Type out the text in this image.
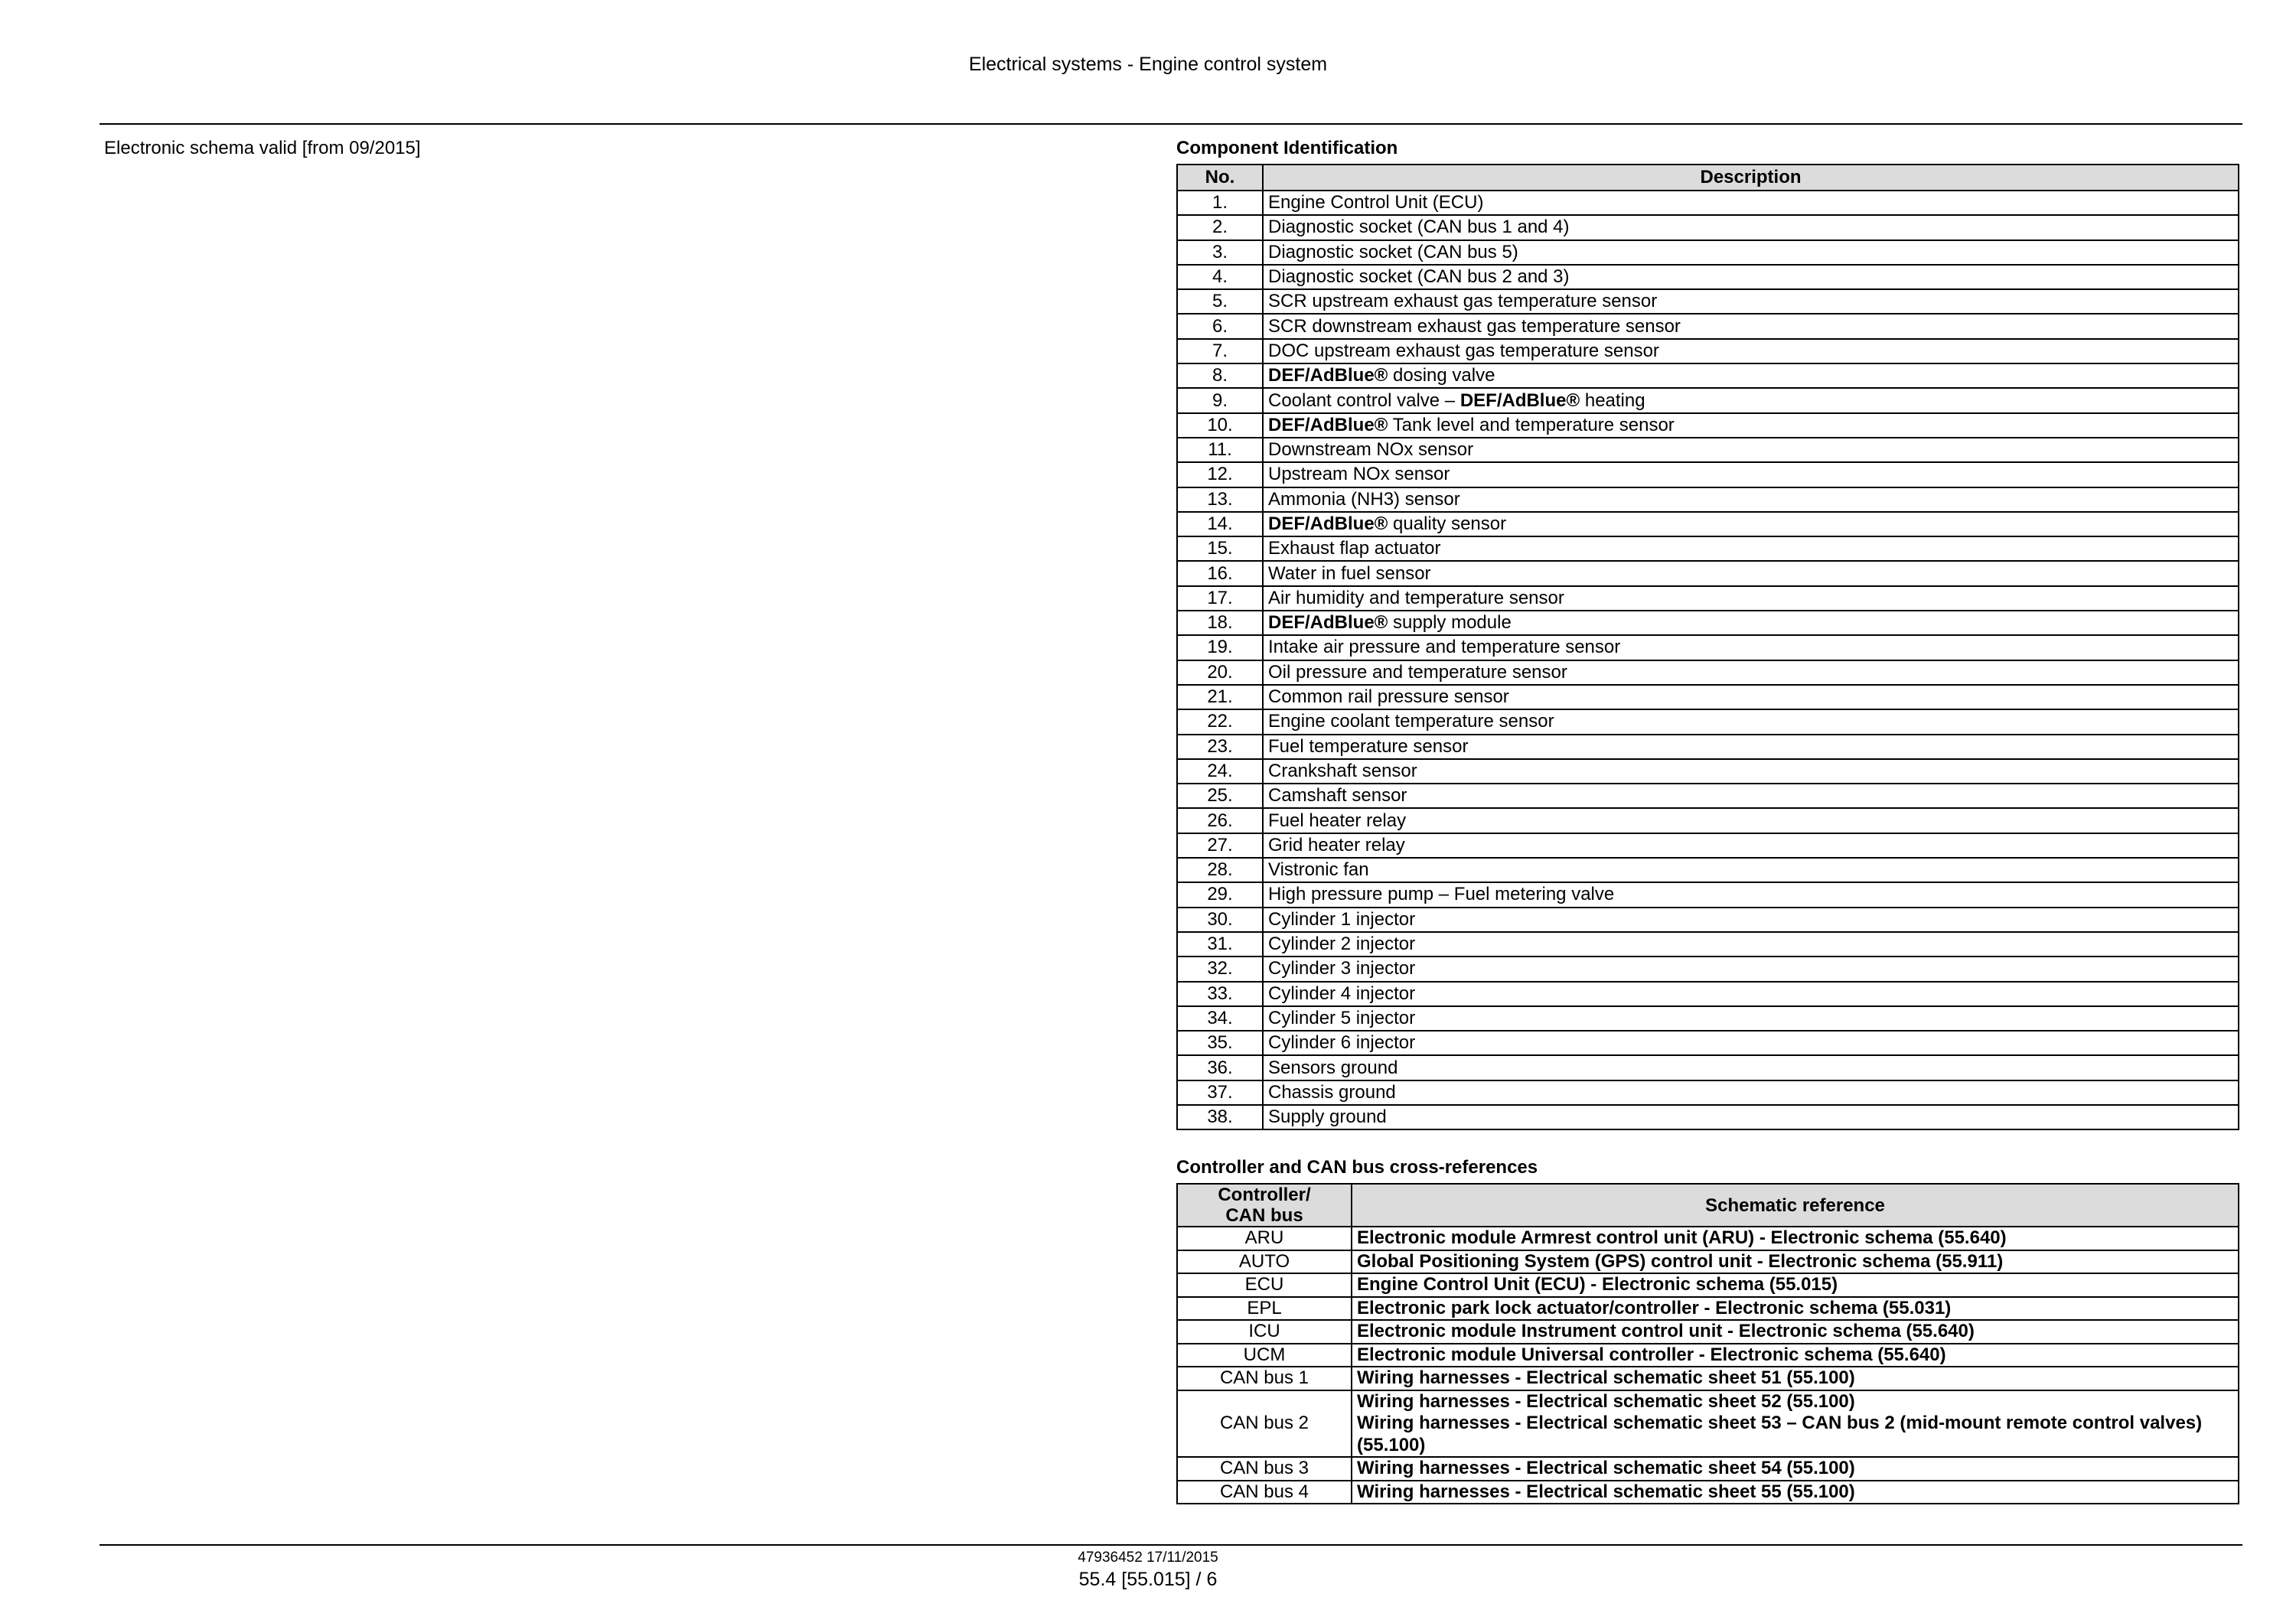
Electrical systems - Engine control system
Electronic schema valid [from 09/2015]	Component Identification
No.	Description
1.	Engine Control Unit (ECU)
2.	Diagnostic socket (CAN bus 1 and 4)
3.	Diagnostic socket (CAN bus 5)
4.	Diagnostic socket (CAN bus 2 and 3)
5.	SCR upstream exhaust gas temperature sensor
6.	SCR downstream exhaust gas temperature sensor
7.	DOC upstream exhaust gas temperature sensor
8.	DEF/AdBlue® dosing valve
9.	Coolant control valve – DEF/AdBlue® heating
10.	DEF/AdBlue® Tank level and temperature sensor
11.	Downstream NOx sensor
12.	Upstream NOx sensor
13.	Ammonia (NH3) sensor
14.	DEF/AdBlue® quality sensor
15.	Exhaust flap actuator
16.	Water in fuel sensor
17.	Air humidity and temperature sensor
18.	DEF/AdBlue® supply module
19.	Intake air pressure and temperature sensor
20.	Oil pressure and temperature sensor
21.	Common rail pressure sensor
22.	Engine coolant temperature sensor
23.	Fuel temperature sensor
24.	Crankshaft sensor
25.	Camshaft sensor
26.	Fuel heater relay
27.	Grid heater relay
28.	Vistronic fan
29.	High pressure pump – Fuel metering valve
30.	Cylinder 1 injector
31.	Cylinder 2 injector
32.	Cylinder 3 injector
33.	Cylinder 4 injector
34.	Cylinder 5 injector
35.	Cylinder 6 injector
36.	Sensors ground
37.	Chassis ground
38.	Supply ground
Controller and CAN bus cross-references
Controller/
CAN bus	Schematic reference
ARU	Electronic module Armrest control unit (ARU) - Electronic schema (55.640)

AUTO	Global Positioning System (GPS) control unit - Electronic schema (55.911)

ECU	Engine Control Unit (ECU) - Electronic schema (55.015)

EPL	Electronic park lock actuator/controller - Electronic schema (55.031)

ICU	Electronic module Instrument control unit - Electronic schema (55.640)

UCM	Electronic module Universal controller - Electronic schema (55.640)

CAN bus 1	Wiring harnesses - Electrical schematic sheet 51 (55.100)

CAN bus 2	Wiring harnesses - Electrical schematic sheet 52 (55.100)
Wiring harnesses - Electrical schematic sheet 53 – CAN bus 2 (mid-mount remote control valves) (55.100)

CAN bus 3	Wiring harnesses - Electrical schematic sheet 54 (55.100)

CAN bus 4	Wiring harnesses - Electrical schematic sheet 55 (55.100)
47936452 17/11/2015
55.4 [55.015] / 6
